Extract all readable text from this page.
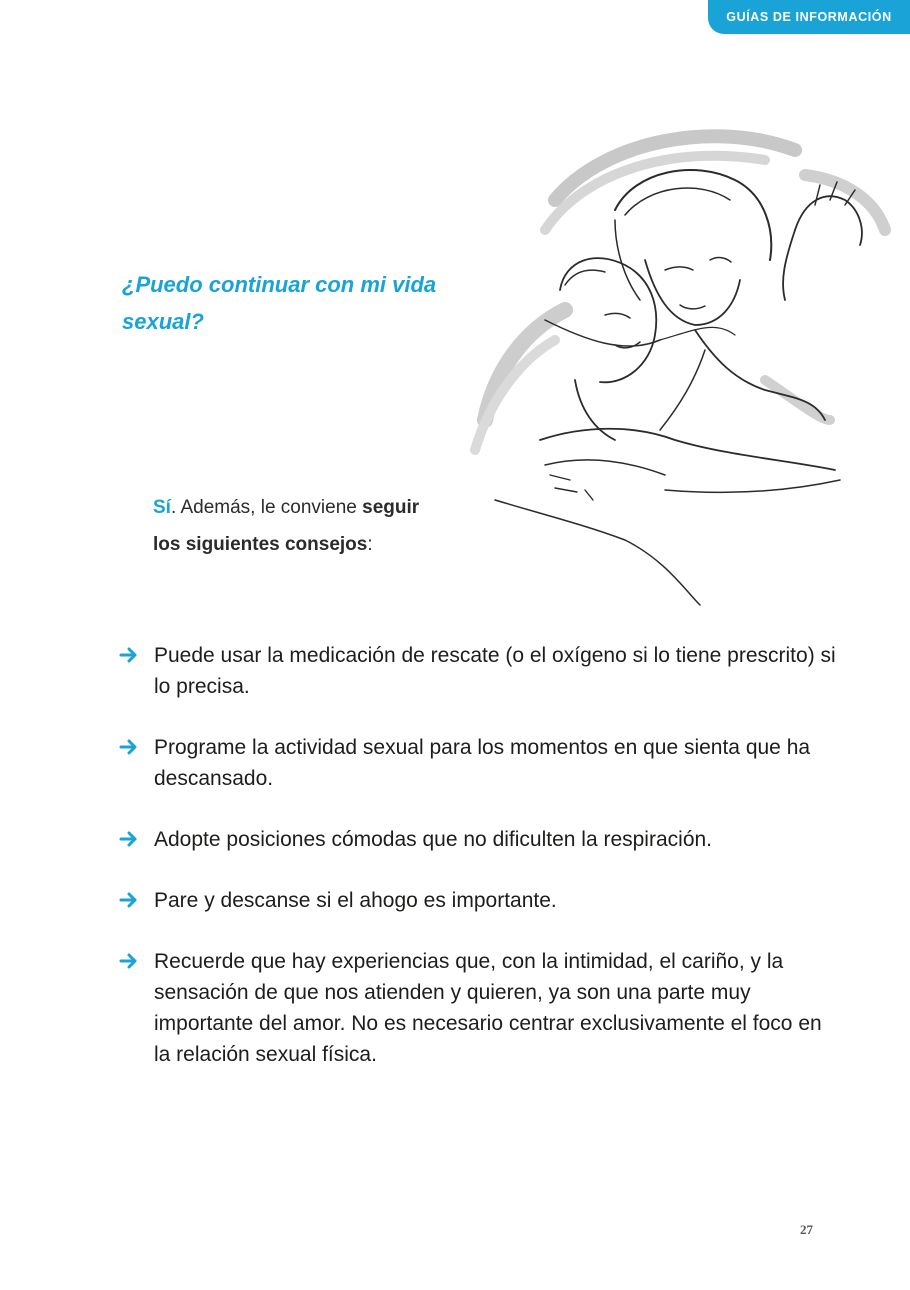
GUÍAS DE INFORMACIÓN
¿Puedo continuar con mi vida sexual?
Sí. Además, le conviene seguir los siguientes consejos:
Puede usar la medicación de rescate (o el oxígeno si lo tiene prescrito) si lo precisa.
Programe la actividad sexual para los momentos en que sienta que ha descansado.
Adopte posiciones cómodas que no dificulten la respiración.
Pare y descanse si el ahogo es importante.
Recuerde que hay experiencias que, con la intimidad, el cariño, y la sensación de que nos atienden y quieren, ya son una parte muy importante del amor. No es necesario centrar exclusivamente el foco en la relación sexual física.
27
